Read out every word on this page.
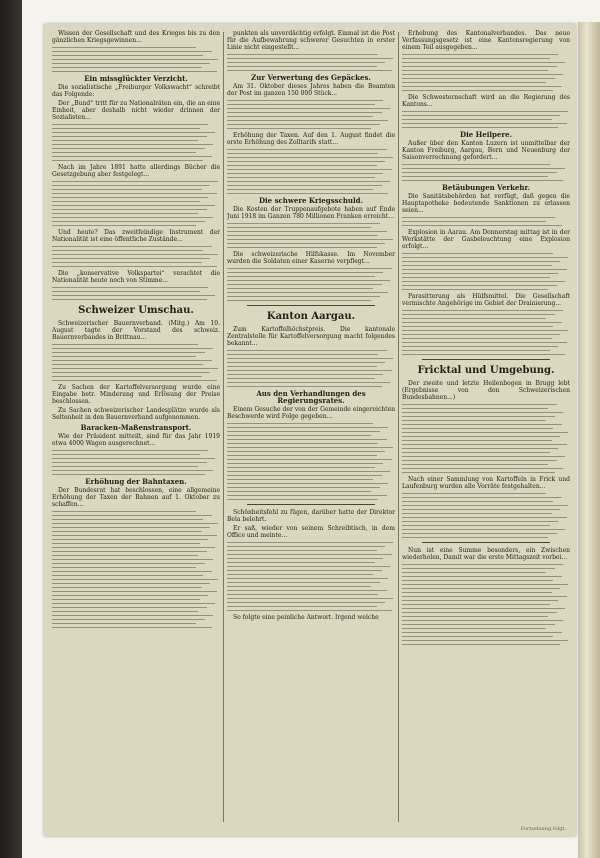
Wissen der Gesellschaft und des Krieges bis zu den gänzlichen Kriegsgewinnen...
Ein missglückter Verzicht.
Die sozialistische „Freiburger Volkswacht“ schreibt das Folgende:
Der „Bund“ tritt für zu Nationalräten ein, die an eine Einheit, aber deshalb nicht wieder drinnen der Sozialisten...
Nach im Jahre 1891 hatte allerdings Bücher die Gesetzgebung aber festgelegt...
Und heute? Das zweitfeindige Instrument der Nationalität ist eine öffentliche Zustände...
Die „konservative Volkspartei“ verachtet die Nationalität heute noch von Stimme...
Schweizer Umschau.
Schweizerischer Bauernverband. (Mitg.) Am 10. August tagte der Vorstand des schweiz. Bauernverbandes in Brittnau...
Zu Sachen der Kartoffelversorgung wurde eine Eingabe betr. Minderung und Erlösung der Preise beschlossen.
Zu Sachen schweizerischer Landesplätze wurde als Seltenheit in den Bauernverband aufgenommen.
Baracken-Maßenstransport.
Wie der Präsident mitteilt, sind für das Jahr 1919 etwa 4000 Wagen ausgerechnet...
Erhöhung der Bahntaxen.
Der Bundesrat hat beschlossen, eine allgemeine Erhöhung der Taxen der Bahnen auf 1. Oktober zu schaffen...
punkten als unverdächtig erfolgt. Einmal ist die Post für die Aufbewahrung schwerer Gesuchten in erster Linie nicht eingestellt...
Zur Verwertung des Gepäckes.
Am 31. Oktober dieses Jahres haben die Beamten der Post im ganzen 150 000 Stück...
Erhöhung der Taxen. Auf den 1. August findet die erste Erhöhung des Zolltarifs statt...
Die schwere Kriegsschuld.
Die Kosten der Truppenaufgebote haben auf Ende Juni 1918 im Ganzen 780 Millionen Franken erreicht...
Die schweizerische Hilfskasse. Im November wurden die Soldaten einer Kaserne verpflegt...
Kanton Aargau.
Zum Kartoffelhöchstpreis. Die kantonale Zentralstelle für Kartoffelversorgung macht folgendes bekannt...
Aus den Verhandlungen des Regierungsrates.
Einem Gesuche der von der Gemeinde eingereichten Beschwerde wird Folge gegeben...
Schönheitsfehl zu fügen, darüber hatte der Direktor Bela belehrt.
Er saß, wieder von seinem Schreibtisch, in dem Office und meinte...
So folgte eine peinliche Antwort. Irgend welche
Erhebung des Kantonalverbandes. Das neue Verfassungsgesetz ist eine Kantonsregierung von einem Teil ausgegeben...
Die Schwesternschaft wird an die Regierung des Kantons...
Die Heilpere.
Außer über den Kanton Luzern ist unmittelbar der Kanton Freiburg, Aargau, Bern und Neuenburg der Saisonverrechnung gefordert...
Betäubungen Verkehr.
Die Sanitätsbehörden hat verfügt, daß gegen die Hauptapotheke bedeutende Sanktionen zu erlassen seien...
Explosion in Aarau. Am Donnerstag mittag ist in der Werkstätte der Gasbeleuchtung eine Explosion erfolgt...
Parasitterung als Hülfsmittel. Die Gesellschaft vermischte Angehörige im Gebiet der Drainierung...
Fricktal und Umgebung.
Der zweite und letzte Heilenbogen in Brugg lebt (Ergebnisse von den Schweizerischen Bundesbahnen...)
Nach einer Sammlung von Kartoffeln in Frick und Laufenburg wurden alle Vorräte festgehalten...
Nun ist eine Summe besonders, ein Zwischen wiederholen, Damit war die erste Mittagszeit vorbei...
Fortsetzung folgt.
